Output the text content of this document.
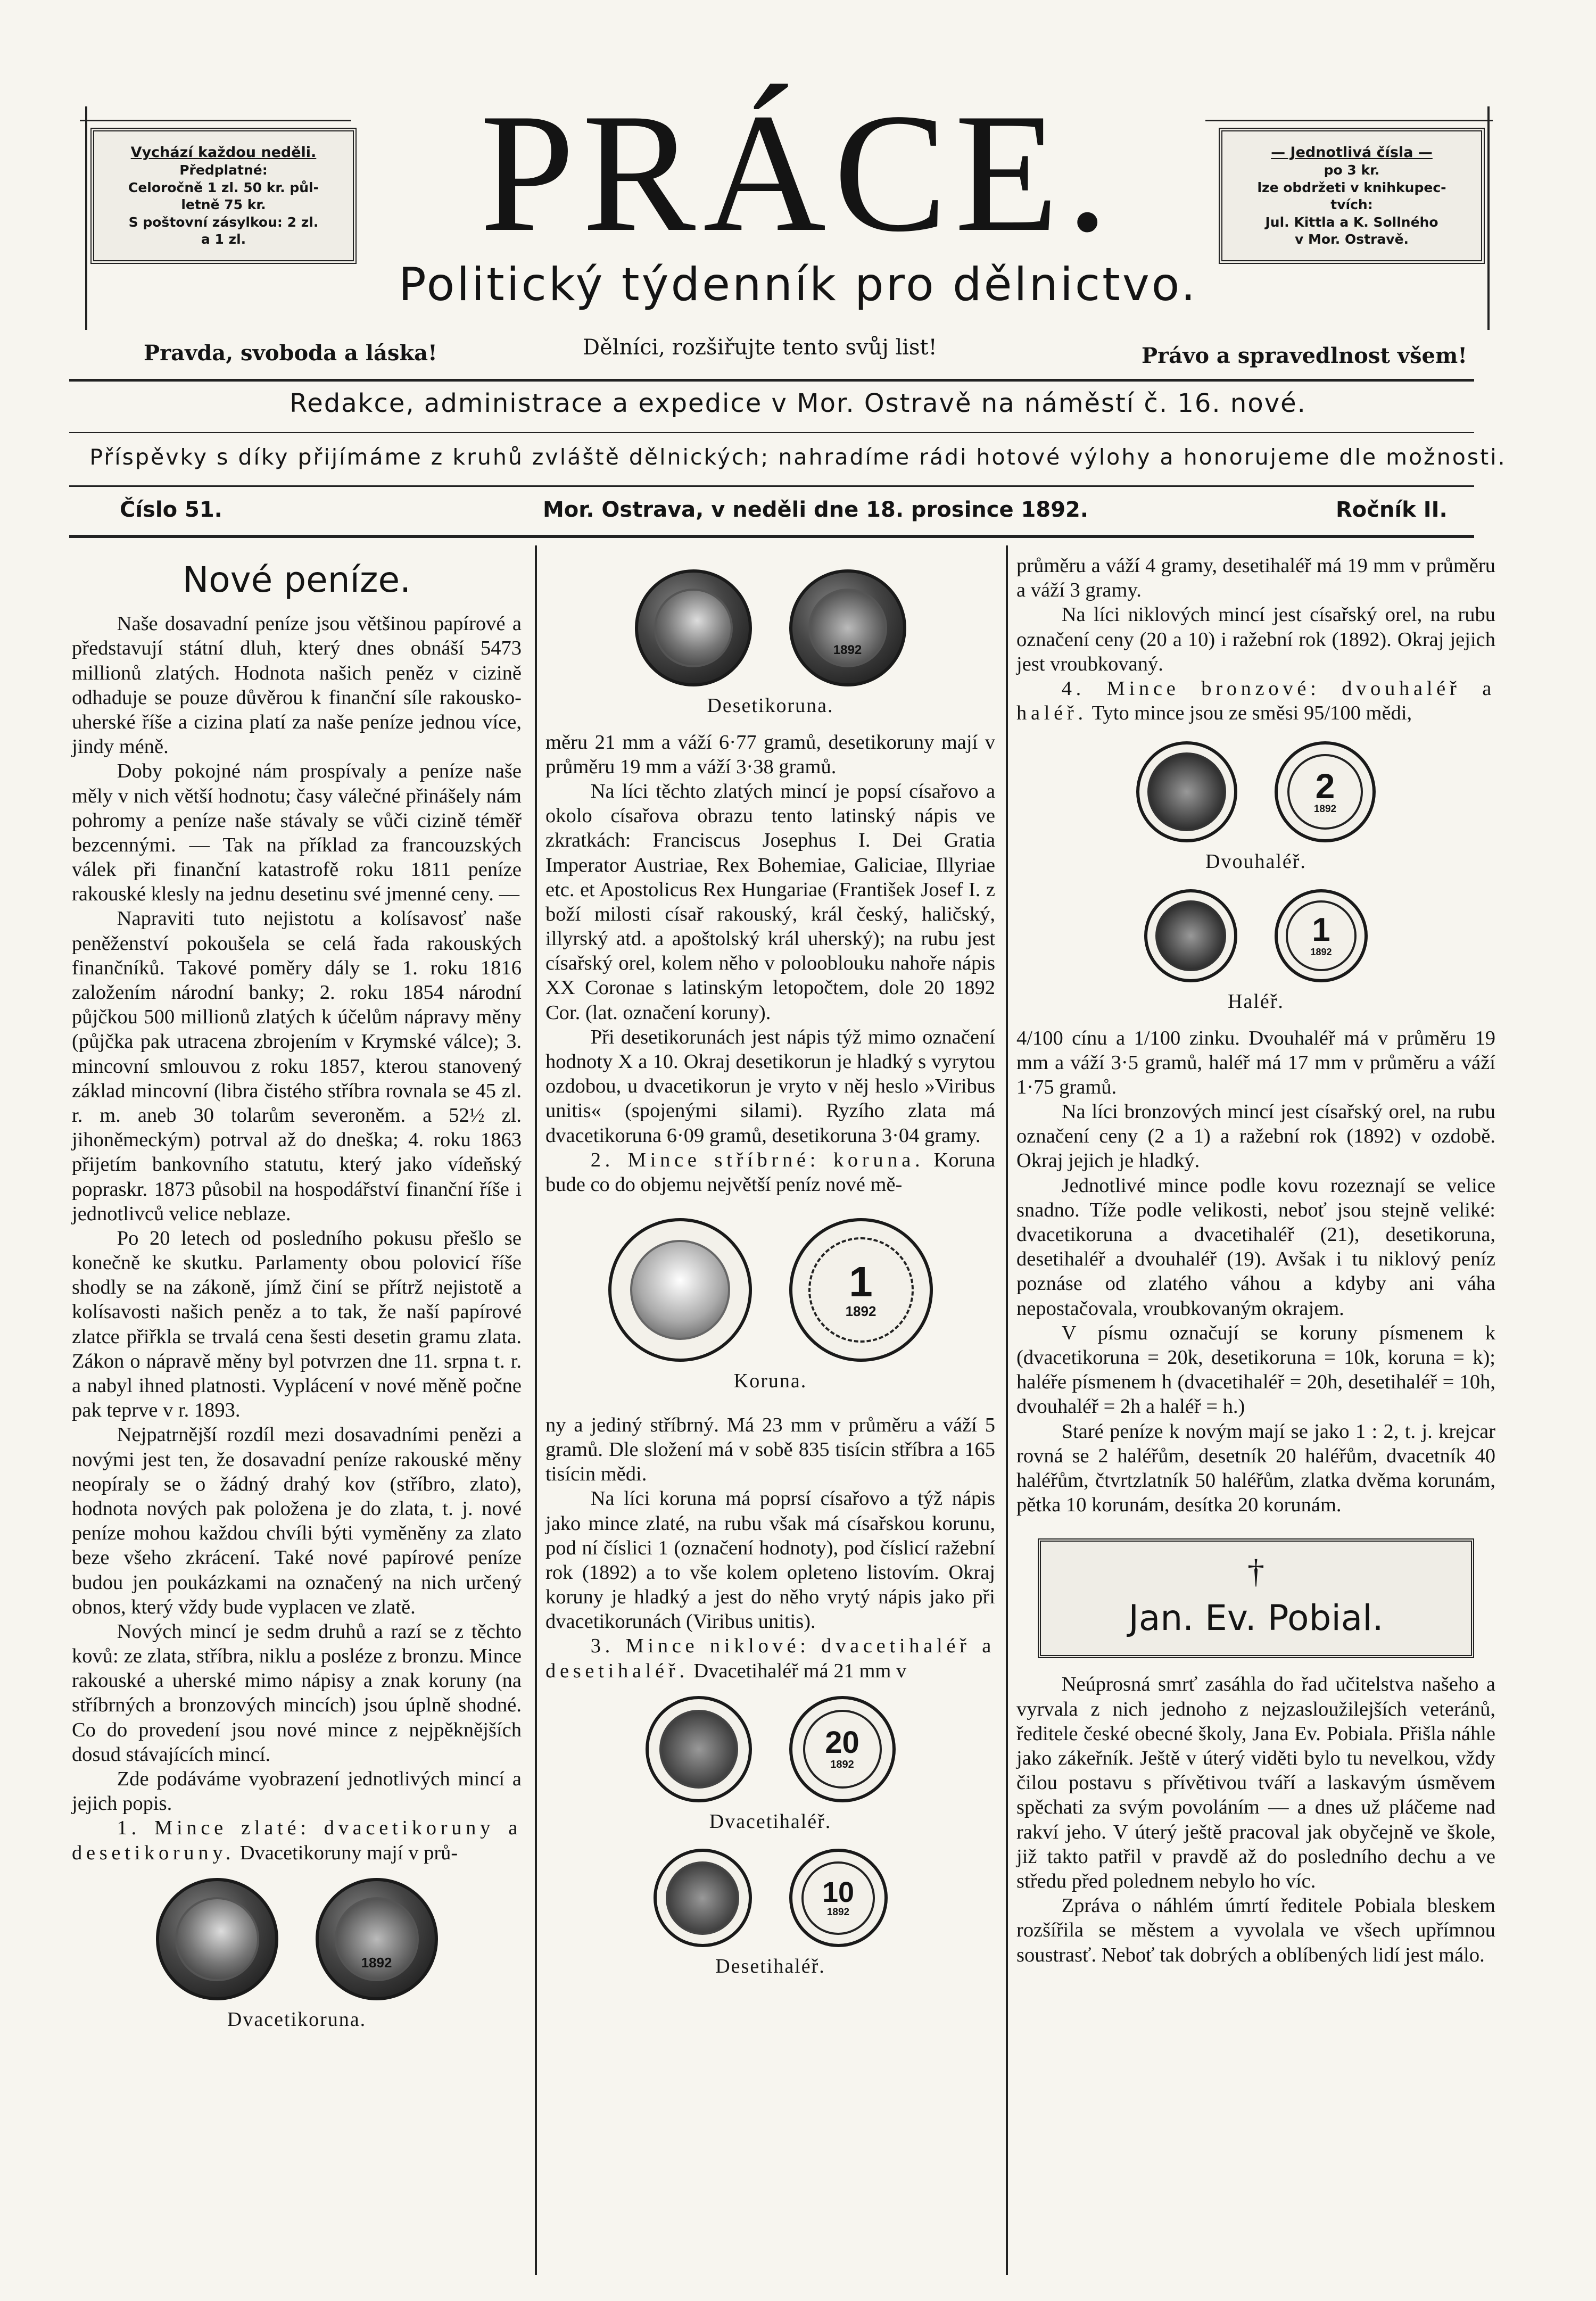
Vychází každou neděli.
Předplatné:
Celoročně 1 zl. 50 kr. půl-
letně 75 kr.
S poštovní zásylkou: 2 zl.
a 1 zl.
— Jednotlivá čísla —
po 3 kr.
lze obdržeti v knihkupec-
tvích:
Jul. Kittla a K. Sollného
v Mor. Ostravě.
PRÁCE.
Politický týdenník pro dělnictvo.
Pravda, svoboda a láska!	Dělníci, rozšiřujte tento svůj list!	Právo a spravedlnost všem!
Redakce, administrace a expedice v Mor. Ostravě na náměstí č. 16. nové.
Příspěvky s díky přijímáme z kruhů zvláště dělnických; nahradíme rádi hotové výlohy a honorujeme dle možnosti.
Číslo 51.	Mor. Ostrava, v neděli dne 18. prosince 1892.	Ročník II.
Nové peníze.

Naše dosavadní peníze jsou většinou papírové a představují státní dluh, který dnes obnáší 5473 millionů zlatých. Hodnota našich peněz v cizině odhaduje se pouze důvěrou k finanční síle rakousko-uherské říše a cizina platí za naše peníze jednou více, jindy méně.

Doby pokojné nám prospívaly a peníze naše měly v nich větší hodnotu; časy válečné přinášely nám pohromy a peníze naše stávaly se vůči cizině téměř bezcennými. — Tak na příklad za francouzských válek při finanční katastrofě roku 1811 peníze rakouské klesly na jednu desetinu své jmenné ceny. —

Napraviti tuto nejistotu a kolísavosť naše peněženství pokoušela se celá řada rakouských finančníků. Takové poměry dály se 1. roku 1816 založením národní banky; 2. roku 1854 národní půjčkou 500 millionů zlatých k účelům nápravy měny (půjčka pak utracena zbrojením v Krymské válce); 3. mincovní smlouvou z roku 1857, kterou stanovený základ mincovní (libra čistého stříbra rovnala se 45 zl. r. m. aneb 30 tolarům severoněm. a 52½ zl. jihoněmeckým) potrval až do dneška; 4. roku 1863 přijetím bankovního statutu, který jako vídeňský popraskr. 1873 působil na hospodářství finanční říše i jednotlivců velice neblaze.

Po 20 letech od posledního pokusu přešlo se konečně ke skutku. Parlamenty obou polovicí říše shodly se na zákoně, jímž činí se přítrž nejistotě a kolísavosti našich peněz a to tak, že naší papírové zlatce přiřkla se trvalá cena šesti desetin gramu zlata. Zákon o nápravě měny byl potvrzen dne 11. srpna t. r. a nabyl ihned platnosti. Vyplácení v nové měně počne pak teprve v r. 1893.

Nejpatrnější rozdíl mezi dosavadními penězi a novými jest ten, že dosavadní peníze rakouské měny neopíraly se o žádný drahý kov (stříbro, zlato), hodnota nových pak položena je do zlata, t. j. nové peníze mohou každou chvíli býti vyměněny za zlato beze všeho zkrácení. Také nové papírové peníze budou jen poukázkami na označený na nich určený obnos, který vždy bude vyplacen ve zlatě.

Nových mincí je sedm druhů a razí se z těchto kovů: ze zlata, stříbra, niklu a posléze z bronzu. Mince rakouské a uherské mimo nápisy a znak koruny (na stříbrných a bronzových mincích) jsou úplně shodné. Co do provedení jsou nové mince z nejpěknějších dosud stávajících mincí.

Zde podáváme vyobrazení jednotlivých mincí a jejich popis.

1. Mince zlaté: dvacetikoruny a desetikoruny. Dvacetikoruny mají v prů-

1892
Dvacetikoruna.
1892
Desetikoruna.

měru 21 mm a váží 6·77 gramů, desetikoruny mají v průměru 19 mm a váží 3·38 gramů.

Na líci těchto zlatých mincí je popsí císařovo a okolo císařova obrazu tento latinský nápis ve zkratkách: Franciscus Josephus I. Dei Gratia Imperator Austriae, Rex Bohemiae, Galiciae, Illyriae etc. et Apostolicus Rex Hungariae (František Josef I. z boží milosti císař rakouský, král český, haličský, illyrský atd. a apoštolský král uherský); na rubu jest císařský orel, kolem něho v polooblouku nahoře nápis XX Coronae s latinským letopočtem, dole 20 1892 Cor. (lat. označení koruny).

Při desetikorunách jest nápis týž mimo označení hodnoty X a 10. Okraj desetikorun je hladký s vyrytou ozdobou, u dvacetikorun je vryto v něj heslo »Viribus unitis« (spojenými silami). Ryzího zlata má dvacetikoruna 6·09 gramů, desetikoruna 3·04 gramy.

2. Mince stříbrné: koruna. Koruna bude co do objemu největší peníz nové mě-

1
1892
Koruna.

ny a jediný stříbrný. Má 23 mm v průměru a váží 5 gramů. Dle složení má v sobě 835 tisícin stříbra a 165 tisícin mědi.

Na líci koruna má poprsí císařovo a týž nápis jako mince zlaté, na rubu však má císařskou korunu, pod ní číslici 1 (označení hodnoty), pod číslicí ražební rok (1892) a to vše kolem opleteno listovím. Okraj koruny je hladký a jest do něho vrytý nápis jako při dvacetikorunách (Viribus unitis).

3. Mince niklové: dvacetihaléř a desetihaléř. Dvacetihaléř má 21 mm v

20
1892
Dvacetihaléř.
10
1892
Desetihaléř.

průměru a váží 4 gramy, desetihaléř má 19 mm v průměru a váží 3 gramy.

Na líci niklových mincí jest císařský orel, na rubu označení ceny (20 a 10) i ražební rok (1892). Okraj jejich jest vroubkovaný.

4. Mince bronzové: dvouhaléř a haléř. Tyto mince jsou ze směsi 95/100 mědi,

2
1892
Dvouhaléř.
1
1892
Haléř.

4/100 cínu a 1/100 zinku. Dvouhaléř má v průměru 19 mm a váží 3·5 gramů, haléř má 17 mm v průměru a váží 1·75 gramů.

Na líci bronzových mincí jest císařský orel, na rubu označení ceny (2 a 1) a ražební rok (1892) v ozdobě. Okraj jejich je hladký.

Jednotlivé mince podle kovu rozeznají se velice snadno. Tíže podle velikosti, neboť jsou stejně veliké: dvacetikoruna a dvacetihaléř (21), desetikoruna, desetihaléř a dvouhaléř (19). Avšak i tu niklový peníz poznáse od zlatého váhou a kdyby ani váha nepostačovala, vroubkovaným okrajem.

V písmu označují se koruny písmenem k (dvacetikoruna = 20k, desetikoruna = 10k, koruna = k); haléře písmenem h (dvacetihaléř = 20h, desetihaléř = 10h, dvouhaléř = 2h a haléř = h.)

Staré peníze k novým mají se jako 1 : 2, t. j. krejcar rovná se 2 haléřům, desetník 20 haléřům, dvacetník 40 haléřům, čtvrtzlatník 50 haléřům, zlatka dvěma korunám, pětka 10 korunám, desítka 20 korunám.

†
Jan. Ev. Pobial.

Neúprosná smrť zasáhla do řad učitelstva našeho a vyrvala z nich jednoho z nejzasloužilejších veteránů, ředitele české obecné školy, Jana Ev. Pobiala. Přišla náhle jako zákeřník. Ještě v úterý viděti bylo tu nevelkou, vždy čilou postavu s přívětivou tváří a laskavým úsměvem spěchati za svým povoláním — a dnes už pláčeme nad rakví jeho. V úterý ještě pracoval jak obyčejně ve škole, již takto patřil v pravdě až do posledního dechu a ve středu před polednem nebylo ho víc.

Zpráva o náhlém úmrtí ředitele Pobiala bleskem rozšířila se městem a vyvolala ve všech upřímnou soustrasť. Neboť tak dobrých a oblíbených lidí jest málo.
